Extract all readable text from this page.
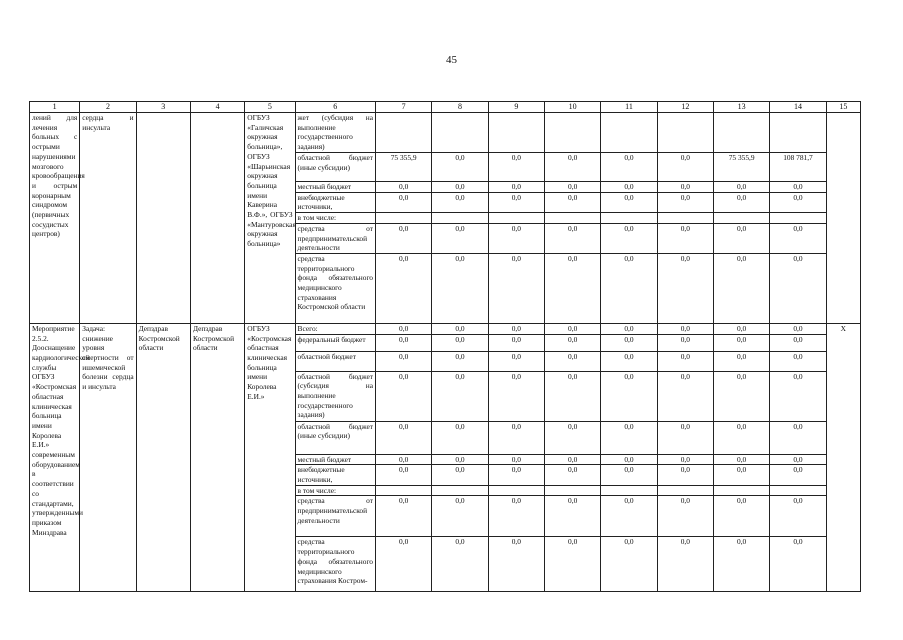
45
1	2	3	4	5	6	7	8	9	10	11	12	13	14	15
лений для лечения больных с острыми нарушениями мозгового кровообращения и острым коронарным синдромом (первичных сосудистых центров)	сердца и инсульта			ОГБУЗ «Галичская окружная больница», ОГБУЗ «Шарьинская окружная больница имени Каверина В.Ф.», ОГБУЗ «Мантуровская окружная больница»	жет (субсидия на выполнение государственного задания)									
					областной бюджет (иные субсидии)	75 355,9	0,0	0,0	0,0	0,0	0,0	75 355,9	108 781,7	
					местный бюджет	0,0	0,0	0,0	0,0	0,0	0,0	0,0	0,0	
					внебюджетные источники,	0,0	0,0	0,0	0,0	0,0	0,0	0,0	0,0	
					в том числе:									
					средства от предпринимательской деятельности	0,0	0,0	0,0	0,0	0,0	0,0	0,0	0,0	
					средства территориального фонда обязательного медицинского страхования Костромской области	0,0	0,0	0,0	0,0	0,0	0,0	0,0	0,0	
Мероприятие 2.5.2. Дооснащение кардиологической службы ОГБУЗ «Костромская областная клиническая больница имени Королева Е.И.» современным оборудованием в соответствии со стандартами, утвержденными приказом Минздрава	Задача: снижение уровня смертности от ишемической болезни сердца и инсульта	Депздрав Костромской области	Депздрав Костромской области	ОГБУЗ «Костромская областная клиническая больница имени Королева Е.И.»	Всего:	0,0	0,0	0,0	0,0	0,0	0,0	0,0	0,0	X
					федеральный бюджет	0,0	0,0	0,0	0,0	0,0	0,0	0,0	0,0	
					областной бюджет	0,0	0,0	0,0	0,0	0,0	0,0	0,0	0,0	
					областной бюджет (субсидия на выполнение государственного задания)	0,0	0,0	0,0	0,0	0,0	0,0	0,0	0,0	
					областной бюджет (иные субсидии)	0,0	0,0	0,0	0,0	0,0	0,0	0,0	0,0	
					местный бюджет	0,0	0,0	0,0	0,0	0,0	0,0	0,0	0,0	
					внебюджетные источники,	0,0	0,0	0,0	0,0	0,0	0,0	0,0	0,0	
					в том числе:									
					средства от предпринимательской деятельности	0,0	0,0	0,0	0,0	0,0	0,0	0,0	0,0	
					средства территориального фонда обязательного медицинского страхования Костром-	0,0	0,0	0,0	0,0	0,0	0,0	0,0	0,0	
